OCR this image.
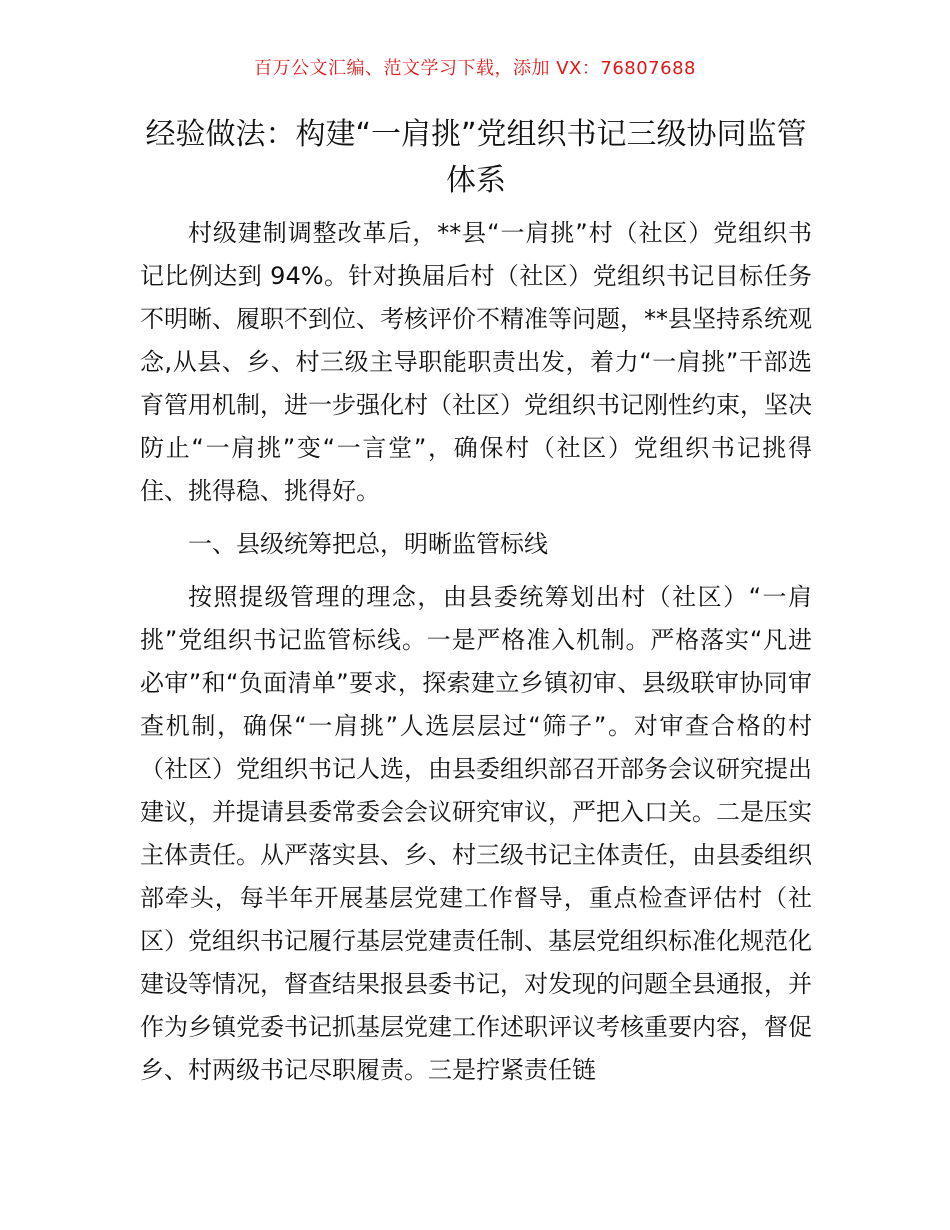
百万公文汇编、范文学习下载，添加 VX：76807688
经验做法：构建“一肩挑”党组织书记三级协同监管体系

村级建制调整改革后，**县“一肩挑”村（社区）党组织书记比例达到 94%。针对换届后村（社区）党组织书记目标任务不明晰、履职不到位、考核评价不精准等问题，**县坚持系统观念,从县、乡、村三级主导职能职责出发，着力“一肩挑”干部选育管用机制，进一步强化村（社区）党组织书记刚性约束，坚决防止“一肩挑”变“一言堂”，确保村（社区）党组织书记挑得住、挑得稳、挑得好。

一、县级统筹把总，明晰监管标线

按照提级管理的理念，由县委统筹划出村（社区）“一肩挑”党组织书记监管标线。一是严格准入机制。严格落实“凡进必审”和“负面清单”要求，探索建立乡镇初审、县级联审协同审查机制，确保“一肩挑”人选层层过“筛子”。对审查合格的村（社区）党组织书记人选，由县委组织部召开部务会议研究提出建议，并提请县委常委会会议研究审议，严把入口关。二是压实主体责任。从严落实县、乡、村三级书记主体责任，由县委组织部牵头，每半年开展基层党建工作督导，重点检查评估村（社区）党组织书记履行基层党建责任制、基层党组织标准化规范化建设等情况，督查结果报县委书记，对发现的问题全县通报，并作为乡镇党委书记抓基层党建工作述职评议考核重要内容，督促乡、村两级书记尽职履责。三是拧紧责任链
